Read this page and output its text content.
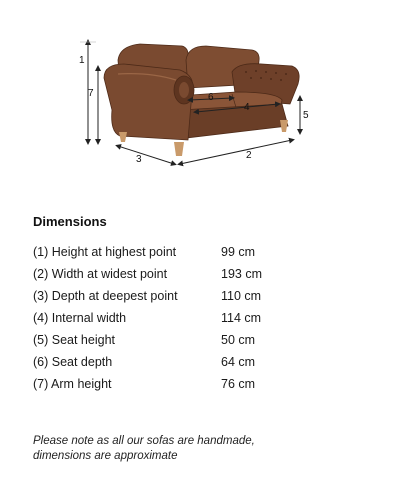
1
7
5
6
4
3	2
Dimensions
(1) Height at highest point	99 cm
(2) Width at widest point	193 cm
(3) Depth at deepest point	110 cm
(4) Internal width	114 cm
(5) Seat height	50 cm
(6) Seat depth	64 cm
(7) Arm height	76 cm
Please note as all our sofas are handmade,
dimensions are approximate
